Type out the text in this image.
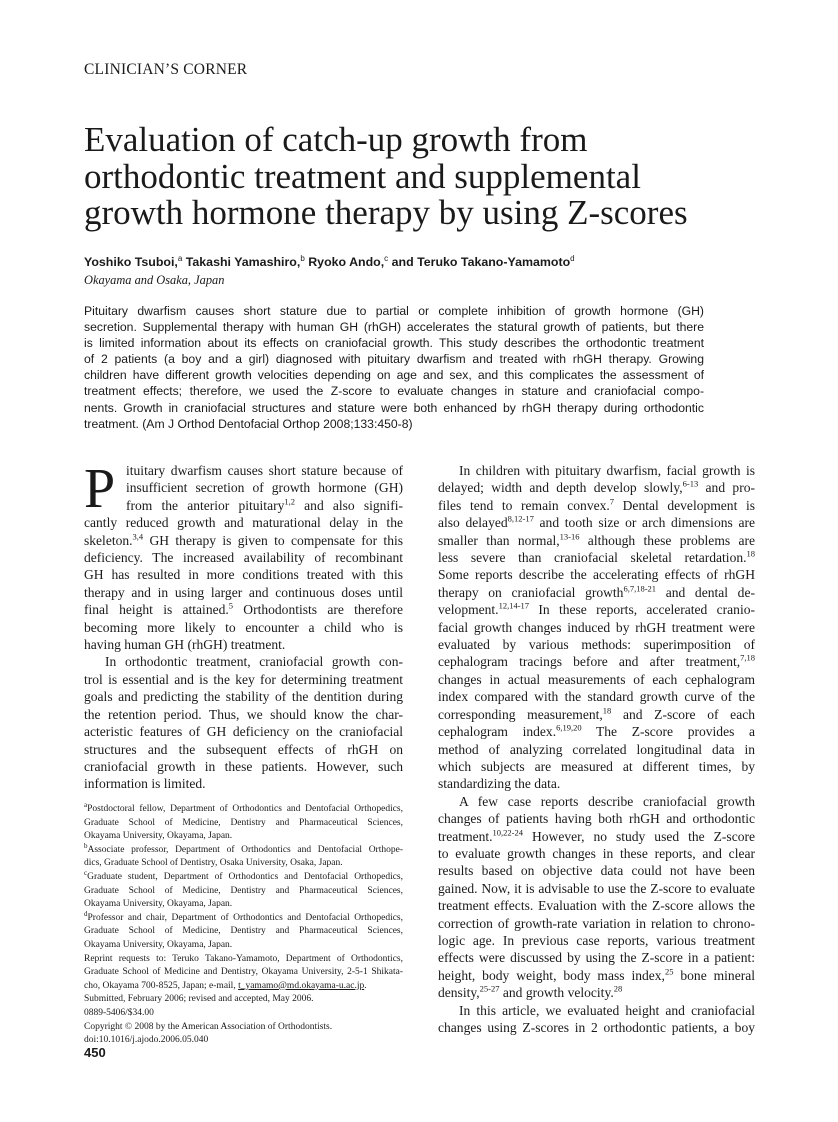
CLINICIAN’S CORNER
Evaluation of catch-up growth from
orthodontic treatment and supplemental
growth hormone therapy by using Z-scores
Yoshiko Tsuboi,$^a$ Takashi Yamashiro,$^b$ Ryoko Ando,$^c$ and Teruko Takano-Yamamoto$^d$
Okayama and Osaka, Japan
Pituitary dwarfism causes short stature due to partial or complete inhibition of growth hormone (GH)
secretion. Supplemental therapy with human GH (rhGH) accelerates the statural growth of patients, but there
is limited information about its effects on craniofacial growth. This study describes the orthodontic treatment
of 2 patients (a boy and a girl) diagnosed with pituitary dwarfism and treated with rhGH therapy. Growing
children have different growth velocities depending on age and sex, and this complicates the assessment of
treatment effects; therefore, we used the Z-score to evaluate changes in stature and craniofacial compo-
nents. Growth in craniofacial structures and stature were both enhanced by rhGH therapy during orthodontic
treatment. (Am J Orthod Dentofacial Orthop 2008;133:450-8)
P ituitary dwarfism causes short stature because of
insufficient secretion of growth hormone (GH)
from the anterior pituitary$^{1,2}$ and also signifi-
cantly reduced growth and maturational delay in the
skeleton.$^{3,4}$ GH therapy is given to compensate for this
deficiency. The increased availability of recombinant
GH has resulted in more conditions treated with this
therapy and in using larger and continuous doses until
final height is attained.$^5$ Orthodontists are therefore
becoming more likely to encounter a child who is
having human GH (rhGH) treatment.
In orthodontic treatment, craniofacial growth con-
trol is essential and is the key for determining treatment
goals and predicting the stability of the dentition during
the retention period. Thus, we should know the char-
acteristic features of GH deficiency on the craniofacial
structures and the subsequent effects of rhGH on
craniofacial growth in these patients. However, such
information is limited.
$^a$Postdoctoral fellow, Department of Orthodontics and Dentofacial Orthopedics,
Graduate School of Medicine, Dentistry and Pharmaceutical Sciences,
Okayama University, Okayama, Japan.
$^b$Associate professor, Department of Orthodontics and Dentofacial Orthope-
dics, Graduate School of Dentistry, Osaka University, Osaka, Japan.
$^c$Graduate student, Department of Orthodontics and Dentofacial Orthopedics,
Graduate School of Medicine, Dentistry and Pharmaceutical Sciences,
Okayama University, Okayama, Japan.
$^d$Professor and chair, Department of Orthodontics and Dentofacial Orthopedics,
Graduate School of Medicine, Dentistry and Pharmaceutical Sciences,
Okayama University, Okayama, Japan.
Reprint requests to: Teruko Takano-Yamamoto, Department of Orthodontics,
Graduate School of Medicine and Dentistry, Okayama University, 2-5-1 Shikata-
cho, Okayama 700-8525, Japan; e-mail, t_yamamo@md.okayama-u.ac.jp.
Submitted, February 2006; revised and accepted, May 2006.
0889-5406/$34.00
Copyright © 2008 by the American Association of Orthodontists.
doi:10.1016/j.ajodo.2006.05.040
In children with pituitary dwarfism, facial growth is
delayed; width and depth develop slowly,$^{6-13}$ and pro-
files tend to remain convex.$^7$ Dental development is
also delayed$^{8,12-17}$ and tooth size or arch dimensions are
smaller than normal,$^{13-16}$ although these problems are
less severe than craniofacial skeletal retardation.$^{18}$
Some reports describe the accelerating effects of rhGH
therapy on craniofacial growth$^{6,7,18-21}$ and dental de-
velopment.$^{12,14-17}$ In these reports, accelerated cranio-
facial growth changes induced by rhGH treatment were
evaluated by various methods: superimposition of
cephalogram tracings before and after treatment,$^{7,18}$
changes in actual measurements of each cephalogram
index compared with the standard growth curve of the
corresponding measurement,$^{18}$ and Z-score of each
cephalogram index.$^{6,19,20}$ The Z-score provides a
method of analyzing correlated longitudinal data in
which subjects are measured at different times, by
standardizing the data.
A few case reports describe craniofacial growth
changes of patients having both rhGH and orthodontic
treatment.$^{10,22-24}$ However, no study used the Z-score
to evaluate growth changes in these reports, and clear
results based on objective data could not have been
gained. Now, it is advisable to use the Z-score to evaluate
treatment effects. Evaluation with the Z-score allows the
correction of growth-rate variation in relation to chrono-
logic age. In previous case reports, various treatment
effects were discussed by using the Z-score in a patient:
height, body weight, body mass index,$^{25}$ bone mineral
density,$^{25-27}$ and growth velocity.$^{28}$
In this article, we evaluated height and craniofacial
changes using Z-scores in 2 orthodontic patients, a boy
450
